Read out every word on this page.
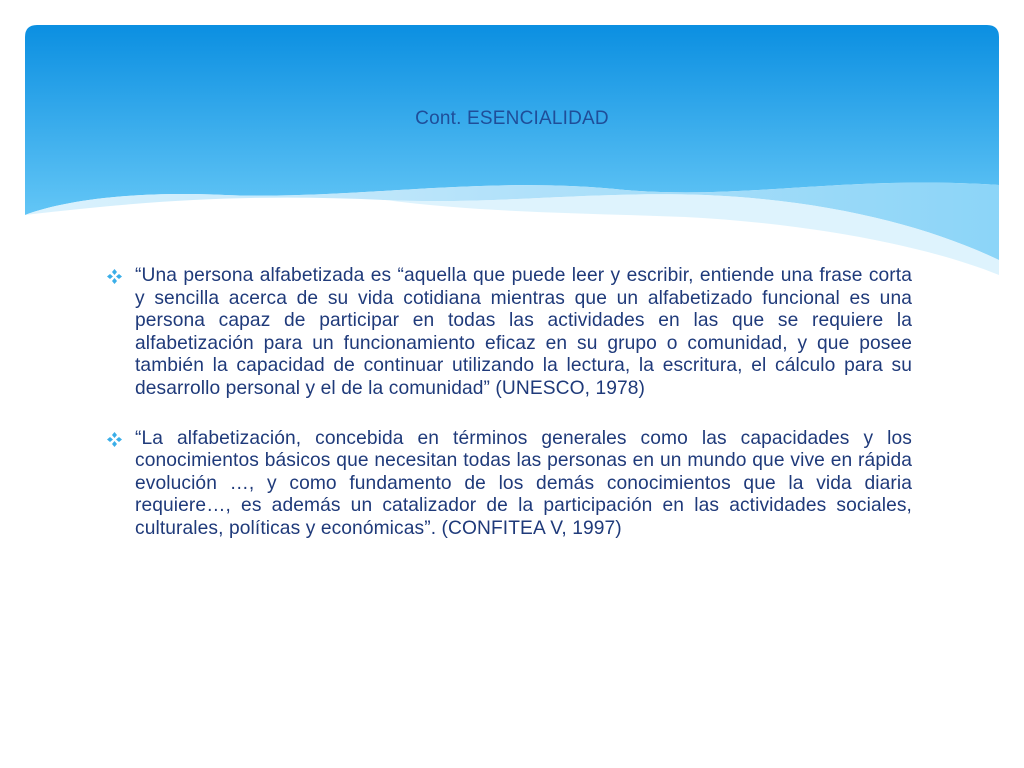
Cont. ESENCIALIDAD
“Una persona alfabetizada es “aquella que puede leer y escribir, entiende una frase corta y sencilla acerca de su vida cotidiana mientras que un alfabetizado funcional es una persona capaz de participar en todas las actividades en las que se requiere la alfabetización para un funcionamiento eficaz en su grupo o comunidad, y que posee también la capacidad de continuar utilizando la lectura, la escritura, el cálculo para su desarrollo personal y el de la comunidad” (UNESCO, 1978)
“La alfabetización, concebida en términos generales como las capacidades y los conocimientos básicos que necesitan todas las personas en un mundo que vive en rápida evolución …, y como fundamento de los demás conocimientos que la vida diaria requiere…, es además un catalizador de la participación en las actividades sociales, culturales, políticas y económicas”. (CONFITEA V, 1997)
